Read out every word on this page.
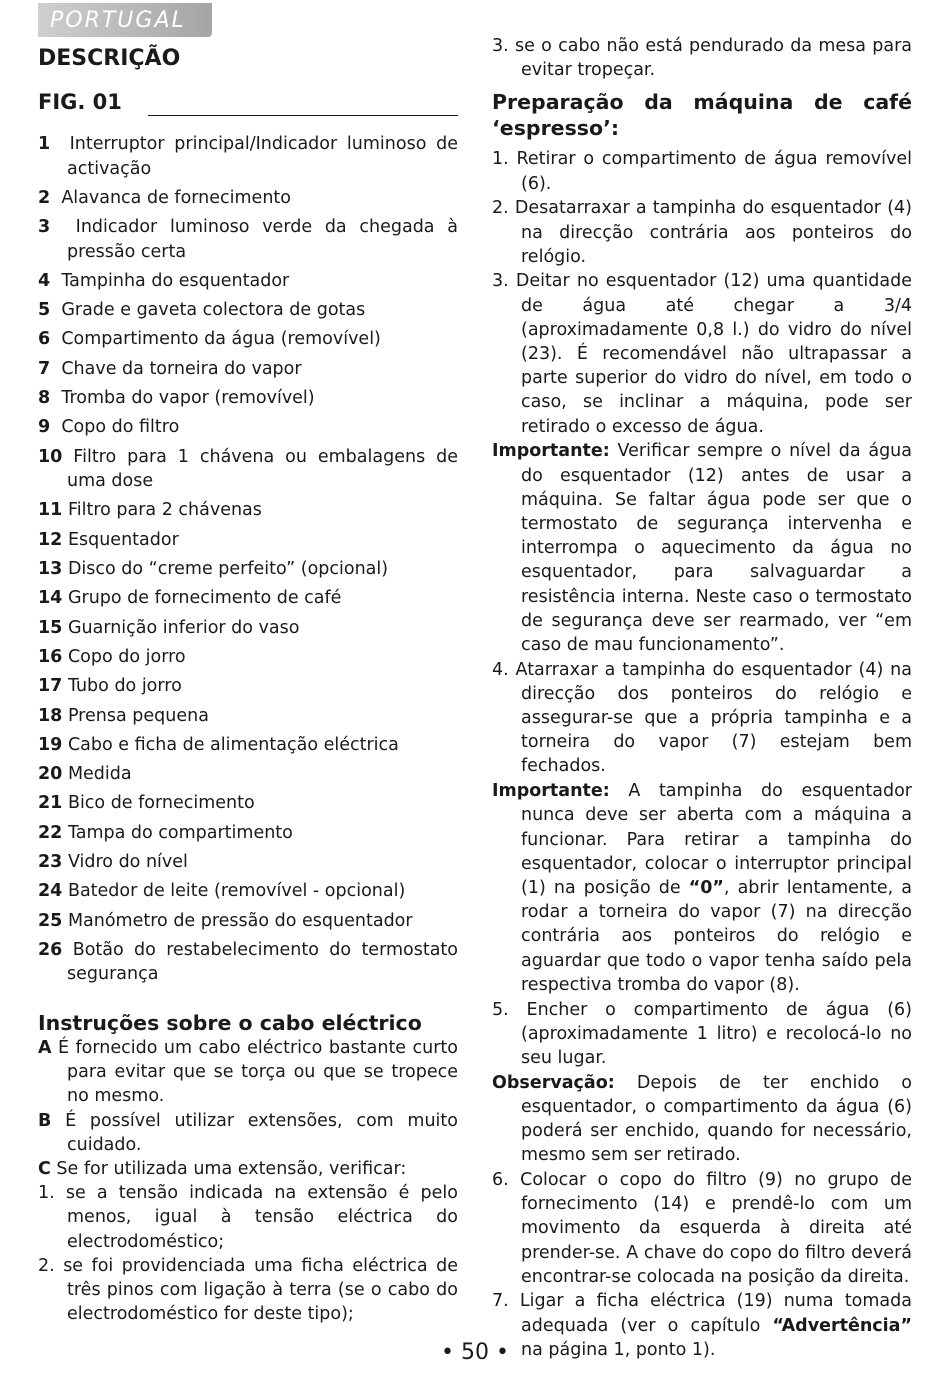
PORTUGAL
DESCRIÇÃO
FIG. 01
1 Interruptor principal/Indicador luminoso de activação
2 Alavanca de fornecimento
3 Indicador luminoso verde da chegada à pressão certa
4 Tampinha do esquentador
5 Grade e gaveta colectora de gotas
6 Compartimento da água (removível)
7 Chave da torneira do vapor
8 Tromba do vapor (removível)
9 Copo do filtro
10 Filtro para 1 chávena ou embalagens de uma dose
11 Filtro para 2 chávenas
12 Esquentador
13 Disco do “creme perfeito” (opcional)
14 Grupo de fornecimento de café
15 Guarnição inferior do vaso
16 Copo do jorro
17 Tubo do jorro
18 Prensa pequena
19 Cabo e ficha de alimentação eléctrica
20 Medida
21 Bico de fornecimento
22 Tampa do compartimento
23 Vidro do nível
24 Batedor de leite (removível - opcional)
25 Manómetro de pressão do esquentador
26 Botão do restabelecimento do termostato segurança
Instruções sobre o cabo eléctrico

A É fornecido um cabo eléctrico bastante curto para evitar que se torça ou que se tropece no mesmo.

B É possível utilizar extensões, com muito cuidado.

C Se for utilizada uma extensão, verificar:

1. se a tensão indicada na extensão é pelo menos, igual à tensão eléctrica do electrodoméstico;

2. se foi providenciada uma ficha eléctrica de três pinos com ligação à terra (se o cabo do electrodoméstico for deste tipo);

3. se o cabo não está pendurado da mesa para evitar tropeçar.

Preparação da máquina de café ‘espresso’:

1. Retirar o compartimento de água removível (6).

2. Desatarraxar a tampinha do esquentador (4) na direcção contrária aos ponteiros do relógio.

3. Deitar no esquentador (12) uma quantidade de água até chegar a 3/4 (aproximadamente 0,8 l.) do vidro do nível (23). É recomendável não ultrapassar a parte superior do vidro do nível, em todo o caso, se inclinar a máquina, pode ser retirado o excesso de água.

Importante: Verificar sempre o nível da água do esquentador (12) antes de usar a máquina. Se faltar água pode ser que o termostato de segurança intervenha e interrompa o aquecimento da água no esquentador, para salvaguardar a resistência interna. Neste caso o termostato de segurança deve ser rearmado, ver “em caso de mau funcionamento”.

4. Atarraxar a tampinha do esquentador (4) na direcção dos ponteiros do relógio e assegurar-se que a própria tampinha e a torneira do vapor (7) estejam bem fechados.

Importante: A tampinha do esquentador nunca deve ser aberta com a máquina a funcionar. Para retirar a tampinha do esquentador, colocar o interruptor principal (1) na posição de “0”, abrir lentamente, a rodar a torneira do vapor (7) na direcção contrária aos ponteiros do relógio e aguardar que todo o vapor tenha saído pela respectiva tromba do vapor (8).

5. Encher o compartimento de água (6) (aproximadamente 1 litro) e recolocá-lo no seu lugar.

Observação: Depois de ter enchido o esquentador, o compartimento da água (6) poderá ser enchido, quando for necessário, mesmo sem ser retirado.

6. Colocar o copo do filtro (9) no grupo de fornecimento (14) e prendê-lo com um movimento da esquerda à direita até prender-se. A chave do copo do filtro deverá encontrar-se colocada na posição da direita.

7. Ligar a ficha eléctrica (19) numa tomada adequada (ver o capítulo “Advertência” na página 1, ponto 1).

• 50 •
